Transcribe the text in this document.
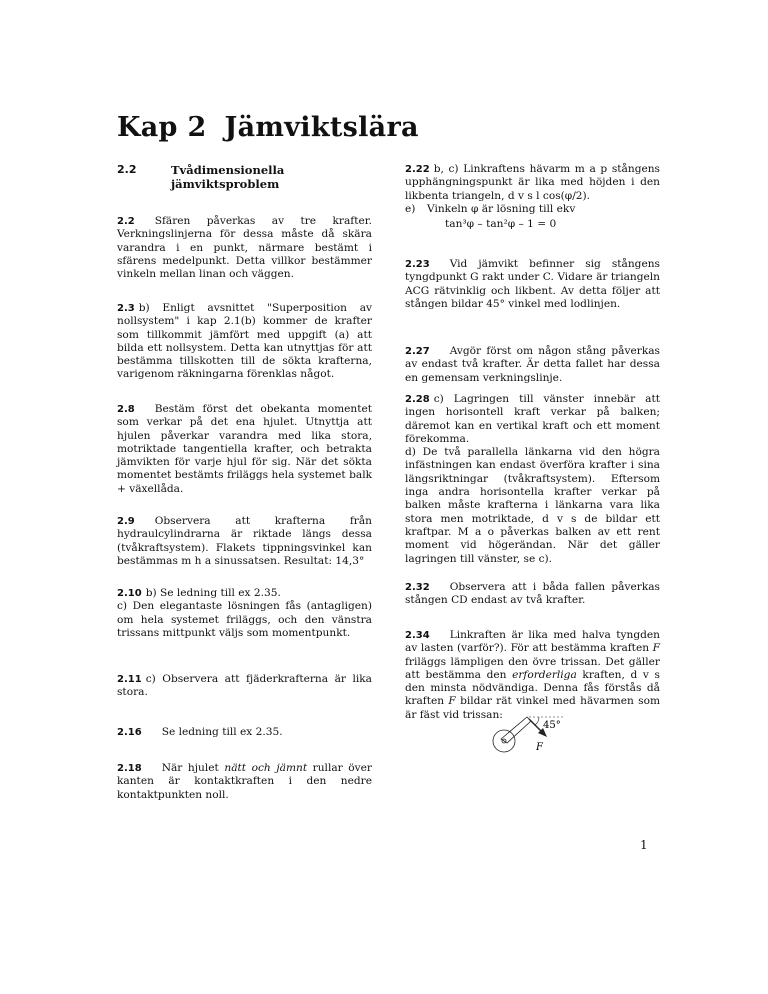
Kap 2 Jämviktslära
2.2	Tvådimensionella
jämviktsproblem
2.2 Sfären påverkas av tre krafter. Verkningslinjerna för dessa måste då skära varandra i en punkt, närmare bestämt i sfärens medelpunkt. Detta villkor bestämmer vinkeln mellan linan och väggen.
2.3 b) Enligt avsnittet "Superposition av nollsystem" i kap 2.1(b) kommer de krafter som tillkommit jämfört med uppgift (a) att bilda ett nollsystem. Detta kan utnyttjas för att bestämma tillskotten till de sökta krafterna, varigenom räkningarna förenklas något.
2.8 Bestäm först det obekanta momentet som verkar på det ena hjulet. Utnyttja att hjulen påverkar varandra med lika stora, motriktade tangentiella krafter, och betrakta jämvikten för varje hjul för sig. När det sökta momentet bestämts friläggs hela systemet balk + växellåda.
2.9 Observera att krafterna från hydraulcylindrarna är riktade längs dessa (tvåkraftsystem). Flakets tippningsvinkel kan bestämmas m h a sinussatsen. Resultat: 14,3°
2.10 b) Se ledning till ex 2.35.
c) Den elegantaste lösningen fås (antagligen) om hela systemet friläggs, och den vänstra trissans mittpunkt väljs som momentpunkt.
2.11 c) Observera att fjäderkrafterna är lika stora.
2.16 Se ledning till ex 2.35.
2.18 När hjulet nätt och jämnt rullar över kanten är kontaktkraften i den nedre kontaktpunkten noll.
2.22 b, c) Linkraftens hävarm m a p stångens upphängningspunkt är lika med höjden i den likbenta triangeln, d v s l cos(φ/2).
e) Vinkeln φ är lösning till ekv
tan³φ – tan²φ – 1 = 0
2.23 Vid jämvikt befinner sig stångens tyngdpunkt G rakt under C. Vidare är triangeln ACG rätvinklig och likbent. Av detta följer att stången bildar 45° vinkel med lodlinjen.
2.27 Avgör först om någon stång påverkas av endast två krafter. Är detta fallet har dessa en gemensam verkningslinje.
2.28 c) Lagringen till vänster innebär att ingen horisontell kraft verkar på balken; däremot kan en vertikal kraft och ett moment förekomma.
d) De två parallella länkarna vid den högra infästningen kan endast överföra krafter i sina längsriktningar (tvåkraftsystem). Eftersom inga andra horisontella krafter verkar på balken måste krafterna i länkarna vara lika stora men motriktade, d v s de bildar ett kraftpar. M a o påverkas balken av ett rent moment vid högerändan. När det gäller lagringen till vänster, se c).
2.32 Observera att i båda fallen påverkas stången CD endast av två krafter.
2.34 Linkraften är lika med halva tyngden av lasten (varför?). För att bestämma kraften F friläggs lämpligen den övre trissan. Det gäller att bestämma den erforderliga kraften, d v s den minsta nödvändiga. Denna fås förstås då kraften F bildar rät vinkel med hävarmen som är fäst vid trissan:
45°
F
1
